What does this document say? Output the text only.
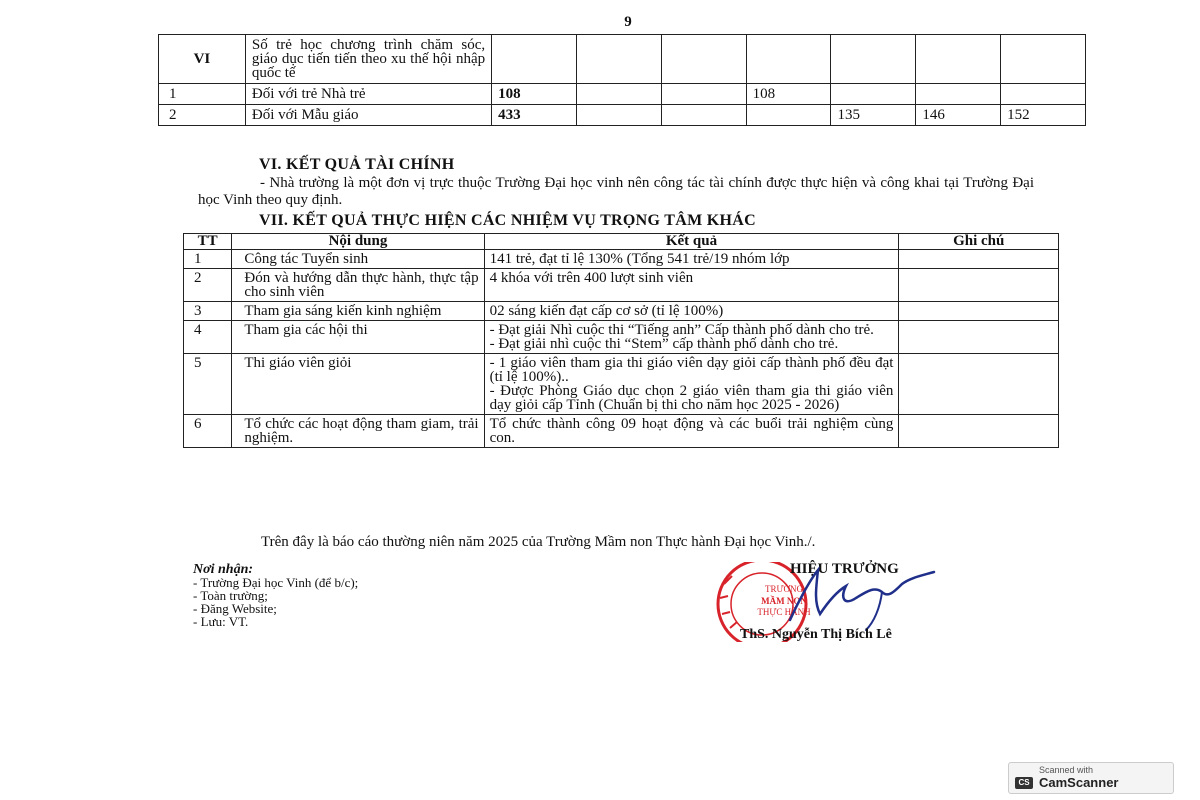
9
VI	Số trẻ học chương trình chăm sóc, giáo dục tiến tiến theo xu thế hội nhập quốc tế							
1	Đối với trẻ Nhà trẻ	108			108			
2	Đối với Mẫu giáo	433				135	146	152
VI. KẾT QUẢ TÀI CHÍNH

- Nhà trường là một đơn vị trực thuộc Trường Đại học vinh nên công tác tài chính được thực hiện và công khai tại Trường Đại học Vinh theo quy định.

VII. KẾT QUẢ THỰC HIỆN CÁC NHIỆM VỤ TRỌNG TÂM KHÁC
TT	Nội dung	Kết quả	Ghi chú
1	Công tác Tuyển sinh	141 trẻ, đạt tỉ lệ 130% (Tổng 541 trẻ/19 nhóm lớp	

2	Đón và hướng dẫn thực hành, thực tập cho sinh viên	4 khóa với trên 400 lượt sinh viên	

3	Tham gia sáng kiến kinh nghiệm	02 sáng kiến đạt cấp cơ sở (tỉ lệ 100%)	

4	Tham gia các hội thi	- Đạt giải Nhì cuộc thi “Tiếng anh” Cấp thành phố dành cho trẻ.
- Đạt giải nhì cuộc thi “Stem” cấp thành phố dành cho trẻ.	

5	Thi giáo viên giỏi	- 1 giáo viên tham gia thi giáo viên dạy giỏi cấp thành phố đều đạt (tỉ lệ 100%)..
- Được Phòng Giáo dục chọn 2 giáo viên tham gia thi giáo viên dạy giỏi cấp Tỉnh (Chuẩn bị thi cho năm học 2025 - 2026)	

6	Tổ chức các hoạt động tham giam, trải nghiệm.	Tổ chức thành công 09 hoạt động và các buổi trải nghiệm cùng con.	

Trên đây là báo cáo thường niên năm 2025 của Trường Mầm non Thực hành Đại học Vinh./.

Nơi nhận:
- Trường Đại học Vinh (để b/c);
- Toàn trường;
- Đăng Website;
- Lưu: VT.
TRƯỜNG
MẦM NON
THỰC HÀNH
HIỆU TRƯỞNG
ThS. Nguyễn Thị Bích Lê
Scanned with
CS CamScanner
